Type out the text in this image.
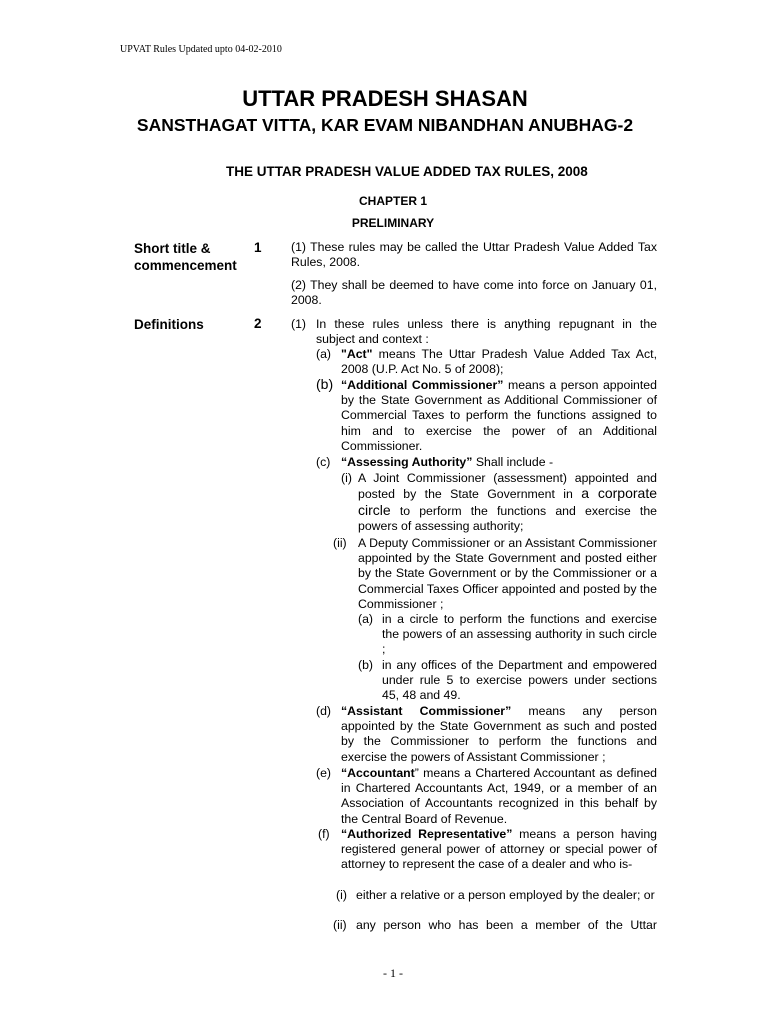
UPVAT Rules Updated upto 04-02-2010
UTTAR PRADESH SHASAN
SANSTHAGAT VITTA, KAR EVAM NIBANDHAN ANUBHAG-2
THE UTTAR PRADESH VALUE ADDED TAX RULES, 2008
CHAPTER 1
PRELIMINARY
Short title &
commencement
1 (1) These rules may be called the Uttar Pradesh Value Added Tax Rules, 2008.
(2) They shall be deemed to have come into force on January 01, 2008.
Definitions	2 (1) In these rules unless there is anything repugnant in the subject and context :
(a) "Act" means The Uttar Pradesh Value Added Tax Act, 2008 (U.P. Act No. 5 of 2008);
(b) “Additional Commissioner” means a person appointed by the State Government as Additional Commissioner of Commercial Taxes to perform the functions assigned to him and to exercise the power of an Additional Commissioner.
(c) “Assessing Authority” Shall include -
(i) A Joint Commissioner (assessment) appointed and posted by the State Government in a corporate circle to perform the functions and exercise the powers of assessing authority;
(ii) A Deputy Commissioner or an Assistant Commissioner appointed by the State Government and posted either by the State Government or by the Commissioner or a Commercial Taxes Officer appointed and posted by the Commissioner ;
(a) in a circle to perform the functions and exercise the powers of an assessing authority in such circle ;
(b) in any offices of the Department and empowered under rule 5 to exercise powers under sections 45, 48 and 49.
(d) “Assistant Commissioner” means any person appointed by the State Government as such and posted by the Commissioner to perform the functions and exercise the powers of Assistant Commissioner ;
(e) “Accountant” means a Chartered Accountant as defined in Chartered Accountants Act, 1949, or a member of an Association of Accountants recognized in this behalf by the Central Board of Revenue.
(f) “Authorized Representative” means a person having registered general power of attorney or special power of attorney to represent the case of a dealer and who is-
(i) either a relative or a person employed by the dealer; or
(ii) any person who has been a member of the Uttar
- 1 -
